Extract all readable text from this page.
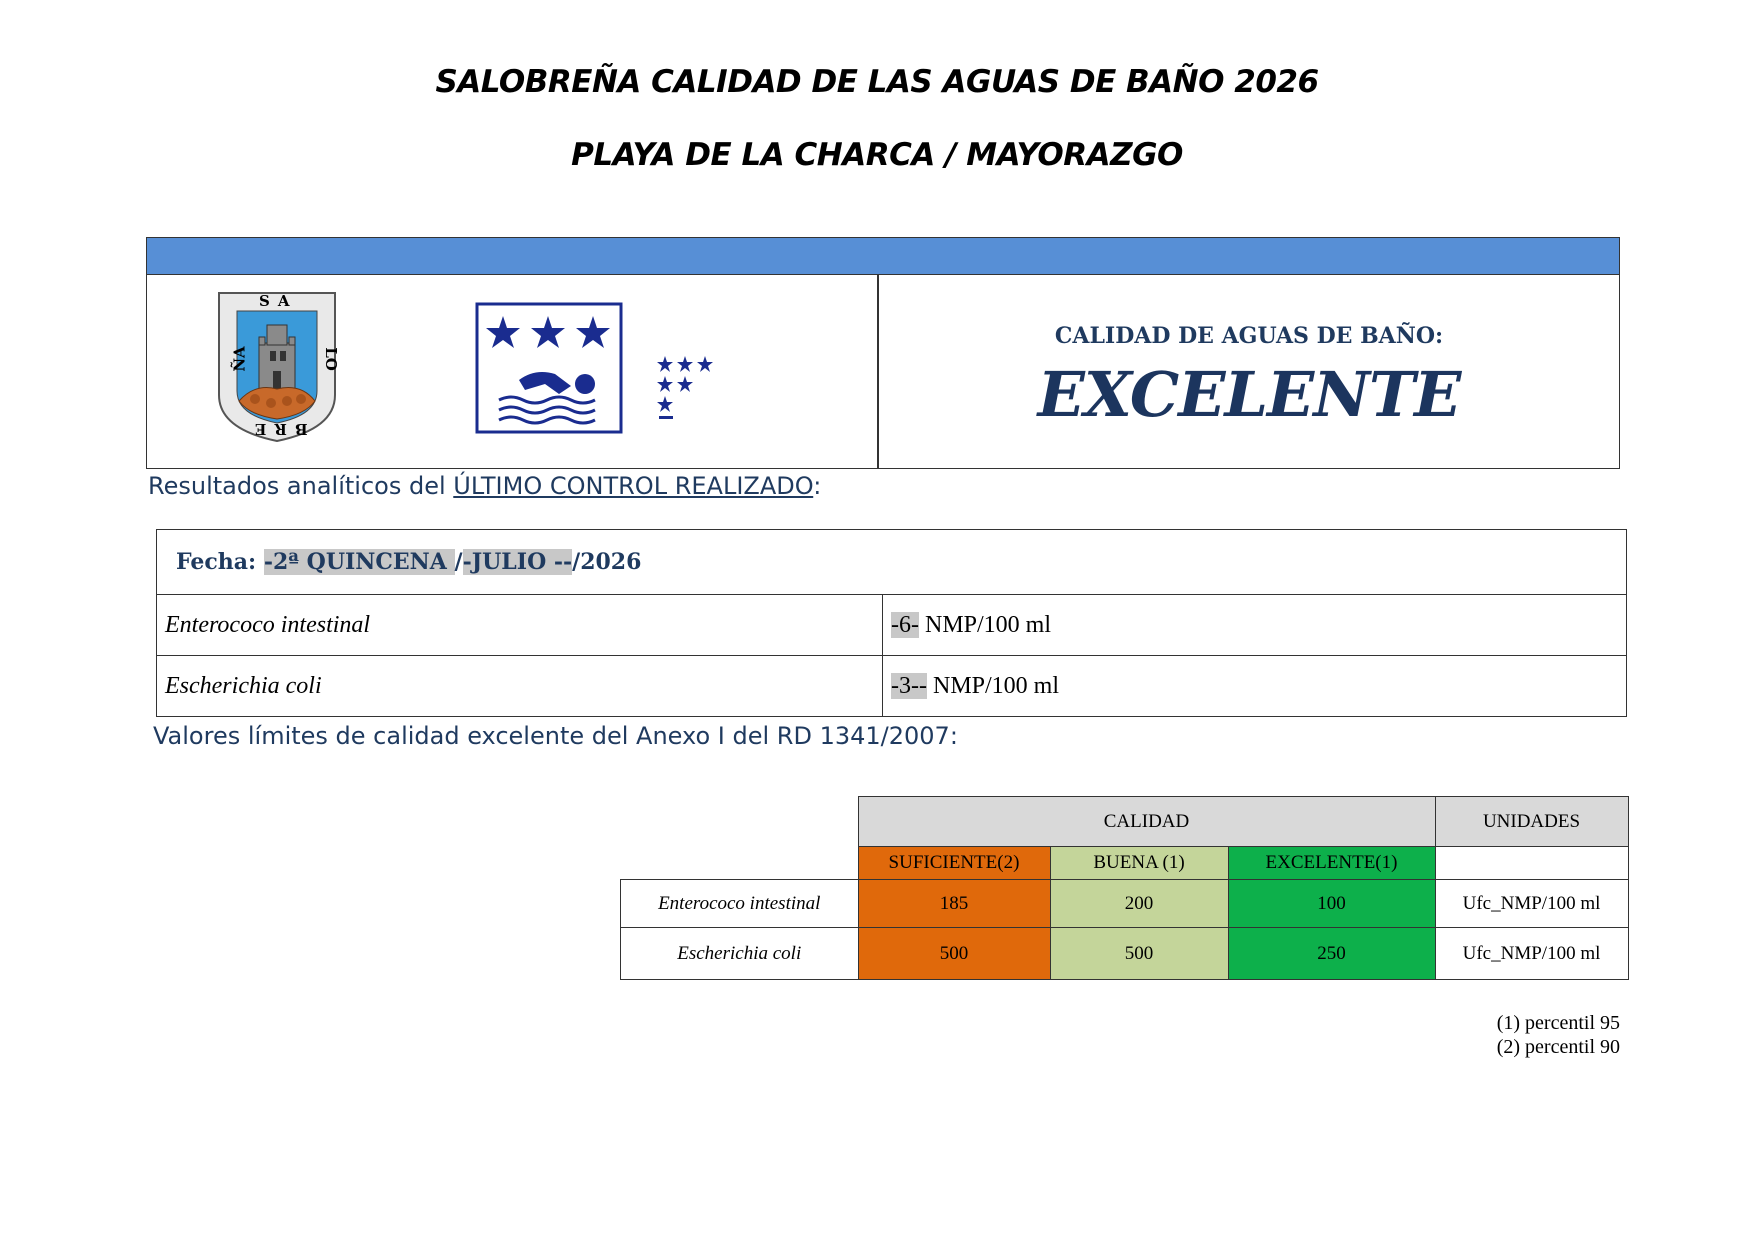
SALOBREÑA CALIDAD DE LAS AGUAS DE BAÑO 2026
PLAYA DE LA CHARCA / MAYORAZGO
SA
ÑA	LO
BRE
CALIDAD DE AGUAS DE BAÑO:
EXCELENTE
Resultados analíticos del ÚLTIMO CONTROL REALIZADO:
Fecha: -2ª QUINCENA /-JULIO --/2026	
Enterococo intestinal	-6- NMP/100 ml
Escherichia coli	-3-- NMP/100 ml
Valores límites de calidad excelente del Anexo I del RD 1341/2007:
	CALIDAD			UNIDADES
	SUFICIENTE(2)	BUENA (1)	EXCELENTE(1)	
Enterococo intestinal	185	200	100	Ufc_NMP/100 ml
Escherichia coli	500	500	250	Ufc_NMP/100 ml
(1) percentil 95
(2) percentil 90
